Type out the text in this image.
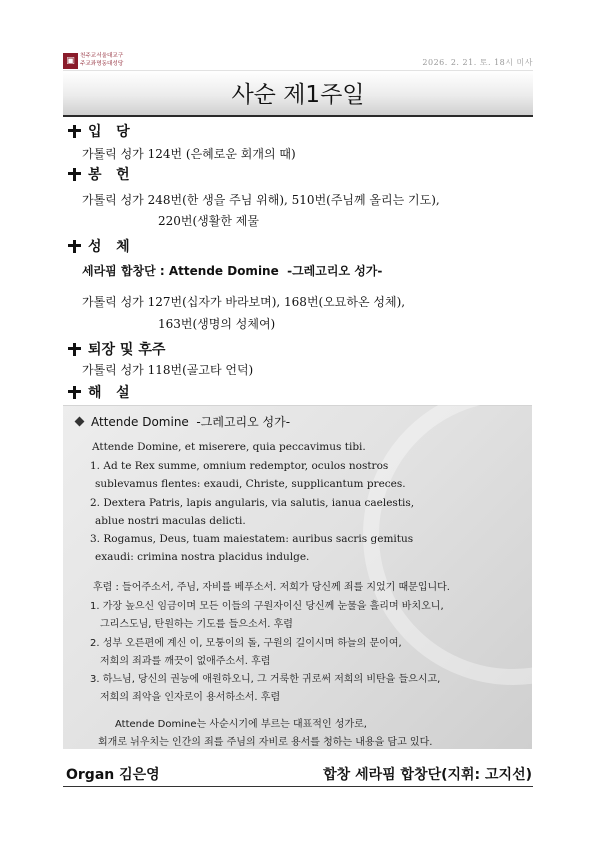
▣ 천주교서울대교구
주교좌명동대성당	2026. 2. 21. 토. 18시 미사
사순 제1주일
입   당
가톨릭 성가 124번 (은혜로운 회개의 때)
봉   헌
가톨릭 성가 248번(한 생을 주님 위해), 510번(주님께 올리는 기도),
220번(생활한 제물
성   체
세라핌 합창단 : Attende Domine  -그레고리오 성가-
가톨릭 성가 127번(십자가 바라보며), 168번(오묘하온 성체),
163번(생명의 성체여)
퇴장 및 후주
가톨릭 성가 118번(골고타 언덕)
해   설
Attende Domine  -그레고리오 성가-
Attende Domine, et miserere, quia peccavimus tibi.
1. Ad te Rex summe, omnium redemptor, oculos nostros
sublevamus flentes: exaudi, Christe, supplicantum preces.
2. Dextera Patris, lapis angularis, via salutis, ianua caelestis,
ablue nostri maculas delicti.
3. Rogamus, Deus, tuam maiestatem: auribus sacris gemitus
exaudi: crimina nostra placidus indulge.
후렴 : 들어주소서, 주님, 자비를 베푸소서. 저희가 당신께 죄를 지었기 때문입니다.
1. 가장 높으신 임금이며 모든 이들의 구원자이신 당신께 눈물을 흘리며 바치오니,
그리스도님, 탄원하는 기도를 들으소서. 후렴
2. 성부 오른편에 계신 이, 모퉁이의 돌, 구원의 길이시며 하늘의 문이여,
저희의 죄과를 깨끗이 없애주소서. 후렴
3. 하느님, 당신의 권능에 애원하오니, 그 거룩한 귀로써 저희의 비탄을 들으시고,
저희의 죄악을 인자로이 용서하소서. 후렴
Attende Domine는 사순시기에 부르는 대표적인 성가로,
회개로 뉘우치는 인간의 죄를 주님의 자비로 용서를 청하는 내용을 담고 있다.
Organ 김은영	합창 세라핌 합창단(지휘: 고지선)
